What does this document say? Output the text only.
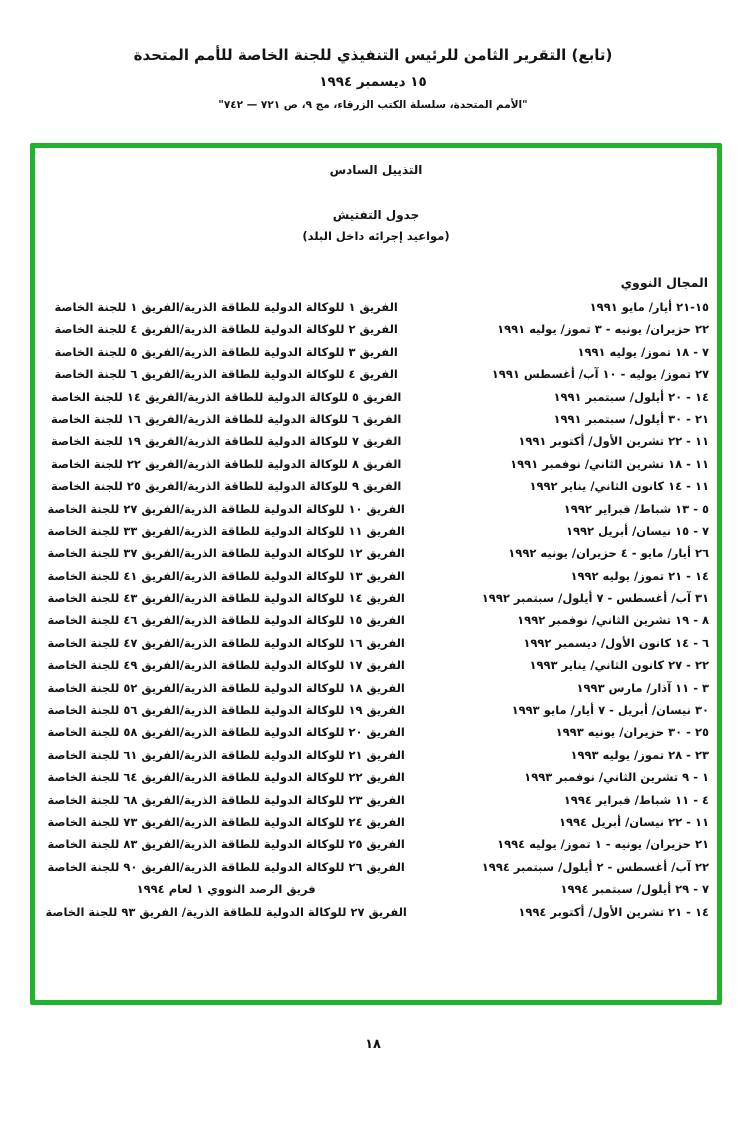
(تابع) التقرير الثامن للرئيس التنفيذي للجنة الخاصة للأمم المتحدة
١٥ ديسمبر ١٩٩٤
"الأمم المتحدة، سلسلة الكتب الزرقاء، مج ٩، ص ٧٢١ — ٧٤٢"
التذييل السادس
جدول التفتيش
(مواعيد إجرائه داخل البلد)
المجال النووي
١٥-٢١ أيار/ مايو ١٩٩١
الفريق ١ للوكالة الدولية للطاقة الذرية/الفريق ١ للجنة الخاصة
٢٢ حزيران/ يونيه - ٣ تموز/ يوليه ١٩٩١
الفريق ٢ للوكالة الدولية للطاقة الذرية/الفريق ٤ للجنة الخاصة
٧ - ١٨ تموز/ يوليه ١٩٩١
الفريق ٣ للوكالة الدولية للطاقة الذرية/الفريق ٥ للجنة الخاصة
٢٧ تموز/ يوليه - ١٠ آب/ أغسطس ١٩٩١
الفريق ٤ للوكالة الدولية للطاقة الذرية/الفريق ٦ للجنة الخاصة
١٤ - ٢٠ أيلول/ سبتمبر ١٩٩١
الفريق ٥ للوكالة الدولية للطاقة الذرية/الفريق ١٤ للجنة الخاصة
٢١ - ٣٠ أيلول/ سبتمبر ١٩٩١
الفريق ٦ للوكالة الدولية للطاقة الذرية/الفريق ١٦ للجنة الخاصة
١١ - ٢٢ تشرين الأول/ أكتوبر ١٩٩١
الفريق ٧ للوكالة الدولية للطاقة الذرية/الفريق ١٩ للجنة الخاصة
١١ - ١٨ تشرين الثاني/ نوفمبر ١٩٩١
الفريق ٨ للوكالة الدولية للطاقة الذرية/الفريق ٢٢ للجنة الخاصة
١١ - ١٤ كانون الثاني/ يناير ١٩٩٢
الفريق ٩ للوكالة الدولية للطاقة الذرية/الفريق ٢٥ للجنة الخاصة
٥ - ١٣ شباط/ فبراير ١٩٩٢
الفريق ١٠ للوكالة الدولية للطاقة الذرية/الفريق ٢٧ للجنة الخاصة
٧ - ١٥ نيسان/ أبريل ١٩٩٢
الفريق ١١ للوكالة الدولية للطاقة الذرية/الفريق ٣٣ للجنة الخاصة
٢٦ أيار/ مايو - ٤ حزيران/ يونيه ١٩٩٢
الفريق ١٢ للوكالة الدولية للطاقة الذرية/الفريق ٣٧ للجنة الخاصة
١٤ - ٢١ تموز/ يوليه ١٩٩٢
الفريق ١٣ للوكالة الدولية للطاقة الذرية/الفريق ٤١ للجنة الخاصة
٣١ آب/ أغسطس - ٧ أيلول/ سبتمبر ١٩٩٢
الفريق ١٤ للوكالة الدولية للطاقة الذرية/الفريق ٤٣ للجنة الخاصة
٨ - ١٩ تشرين الثاني/ نوفمبر ١٩٩٢
الفريق ١٥ للوكالة الدولية للطاقة الذرية/الفريق ٤٦ للجنة الخاصة
٦ - ١٤ كانون الأول/ ديسمبر ١٩٩٢
الفريق ١٦ للوكالة الدولية للطاقة الذرية/الفريق ٤٧ للجنة الخاصة
٢٢ - ٢٧ كانون الثاني/ يناير ١٩٩٣
الفريق ١٧ للوكالة الدولية للطاقة الذرية/الفريق ٤٩ للجنة الخاصة
٣ - ١١ آذار/ مارس ١٩٩٣
الفريق ١٨ للوكالة الدولية للطاقة الذرية/الفريق ٥٢ للجنة الخاصة
٣٠ نيسان/ أبريل - ٧ أيار/ مايو ١٩٩٣
الفريق ١٩ للوكالة الدولية للطاقة الذرية/الفريق ٥٦ للجنة الخاصة
٢٥ - ٣٠ حزيران/ يونيه ١٩٩٣
الفريق ٢٠ للوكالة الدولية للطاقة الذرية/الفريق ٥٨ للجنة الخاصة
٢٣ - ٢٨ تموز/ يوليه ١٩٩٣
الفريق ٢١ للوكالة الدولية للطاقة الذرية/الفريق ٦١ للجنة الخاصة
١ - ٩ تشرين الثاني/ نوفمبر ١٩٩٣
الفريق ٢٢ للوكالة الدولية للطاقة الذرية/الفريق ٦٤ للجنة الخاصة
٤ - ١١ شباط/ فبراير ١٩٩٤
الفريق ٢٣ للوكالة الدولية للطاقة الذرية/الفريق ٦٨ للجنة الخاصة
١١ - ٢٢ نيسان/ أبريل ١٩٩٤
الفريق ٢٤ للوكالة الدولية للطاقة الذرية/الفريق ٧٣ للجنة الخاصة
٢١ حزيران/ يونيه - ١ تموز/ يوليه ١٩٩٤
الفريق ٢٥ للوكالة الدولية للطاقة الذرية/الفريق ٨٣ للجنة الخاصة
٢٢ آب/ أغسطس - ٢ أيلول/ سبتمبر ١٩٩٤
الفريق ٢٦ للوكالة الدولية للطاقة الذرية/الفريق ٩٠ للجنة الخاصة
٧ - ٢٩ أيلول/ سبتمبر ١٩٩٤
فريق الرصد النووي ١ لعام ١٩٩٤
١٤ - ٢١ تشرين الأول/ أكتوبر ١٩٩٤
الفريق ٢٧ للوكالة الدولية للطاقة الذرية/ الفريق ٩٣ للجنة الخاصة
١٨
